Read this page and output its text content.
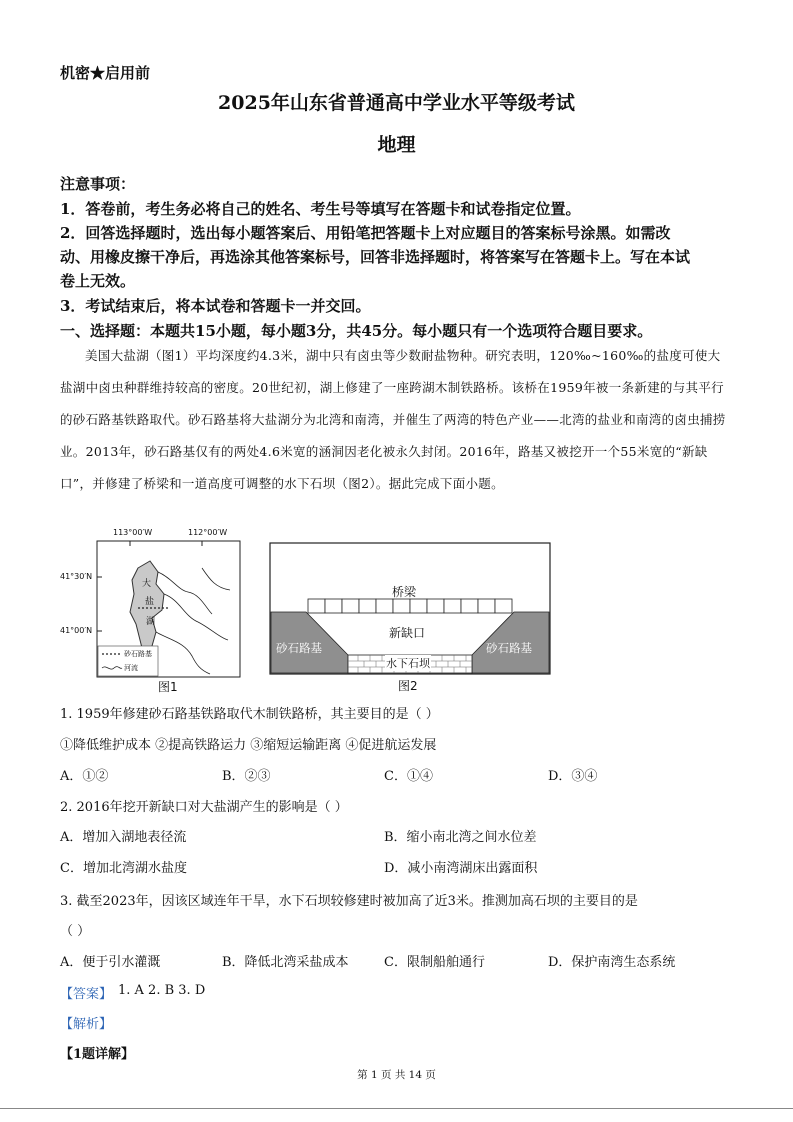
机密★启用前
2025年山东省普通高中学业水平等级考试
地理
注意事项：
1．答卷前，考生务必将自己的姓名、考生号等填写在答题卡和试卷指定位置。
2．回答选择题时，选出每小题答案后、用铅笔把答题卡上对应题目的答案标号涂黑。如需改
动、用橡皮擦干净后，再选涂其他答案标号，回答非选择题时，将答案写在答题卡上。写在本试
卷上无效。
3．考试结束后，将本试卷和答题卡一并交回。
一、选择题：本题共15小题，每小题3分，共45分。每小题只有一个选项符合题目要求。
美国大盐湖（图1）平均深度约4.3米，湖中只有卤虫等少数耐盐物种。研究表明，120‰~160‰的盐度可使大盐湖中卤虫种群维持较高的密度。20世纪初，湖上修建了一座跨湖木制铁路桥。该桥在1959年被一条新建的与其平行的砂石路基铁路取代。砂石路基将大盐湖分为北湾和南湾，并催生了两湾的特色产业——北湾的盐业和南湾的卤虫捕捞业。2013年，砂石路基仅有的两处4.6米宽的涵洞因老化被永久封闭。2016年，路基又被挖开一个55米宽的“新缺口”，并修建了桥梁和一道高度可调整的水下石坝（图2）。据此完成下面小题。
113°00′W	112°00′W
41°30′N
41°00′N
大
盐
湖
砂石路基
河流
图1
桥梁
新缺口
砂石路基	砂石路基
水下石坝
图2
1. 1959年修建砂石路基铁路取代木制铁路桥，其主要目的是（ ）
①降低维护成本 ②提高铁路运力 ③缩短运输距离 ④促进航运发展
A．①②	B．②③	C．①④	D．③④
2. 2016年挖开新缺口对大盐湖产生的影响是（ ）
A．增加入湖地表径流	B．缩小南北湾之间水位差
C．增加北湾湖水盐度	D．减小南湾湖床出露面积
3. 截至2023年，因该区域连年干旱，水下石坝较修建时被加高了近3米。推测加高石坝的主要目的是
（ ）
A．便于引水灌溉	B．降低北湾采盐成本	C．限制船舶通行	D．保护南湾生态系统
【答案】 1. A 2. B 3. D
【解析】
【1题详解】
第 1 页 共 14 页
